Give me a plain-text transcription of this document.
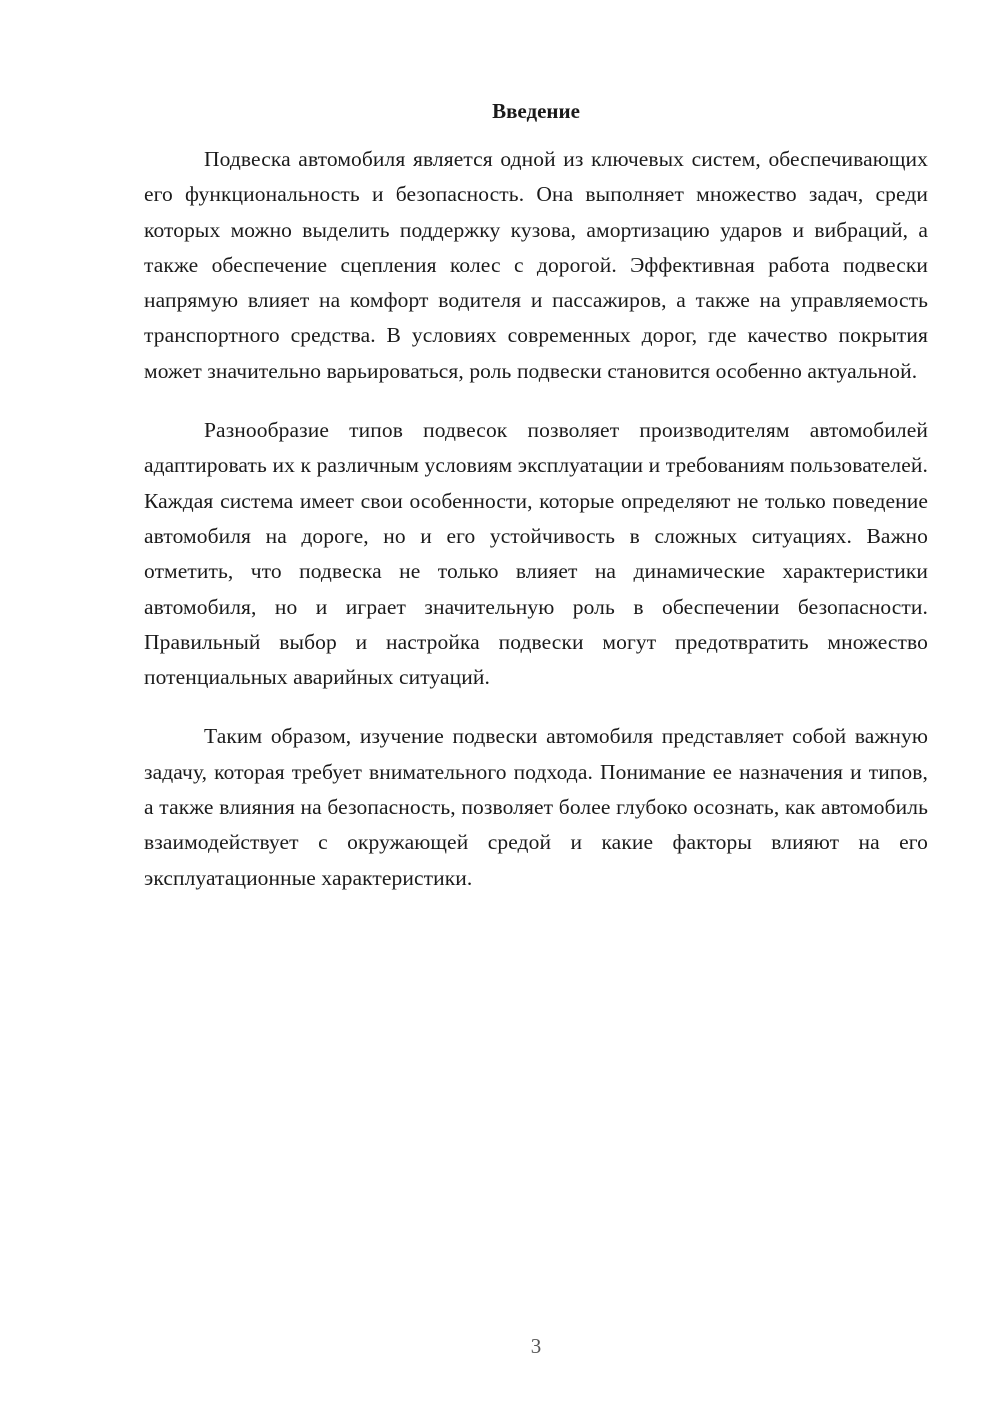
Введение

Подвеска автомобиля является одной из ключевых систем, обеспечивающих его функциональность и безопасность. Она выполняет множество задач, среди которых можно выделить поддержку кузова, амортизацию ударов и вибраций, а также обеспечение сцепления колес с дорогой. Эффективная работа подвески напрямую влияет на комфорт водителя и пассажиров, а также на управляемость транспортного средства. В условиях современных дорог, где качество покрытия может значительно варьироваться, роль подвески становится особенно актуальной.

Разнообразие типов подвесок позволяет производителям автомобилей адаптировать их к различным условиям эксплуатации и требованиям пользователей. Каждая система имеет свои особенности, которые определяют не только поведение автомобиля на дороге, но и его устойчивость в сложных ситуациях. Важно отметить, что подвеска не только влияет на динамические характеристики автомобиля, но и играет значительную роль в обеспечении безопасности. Правильный выбор и настройка подвески могут предотвратить множество потенциальных аварийных ситуаций.

Таким образом, изучение подвески автомобиля представляет собой важную задачу, которая требует внимательного подхода. Понимание ее назначения и типов, а также влияния на безопасность, позволяет более глубоко осознать, как автомобиль взаимодействует с окружающей средой и какие факторы влияют на его эксплуатационные характеристики.

3
